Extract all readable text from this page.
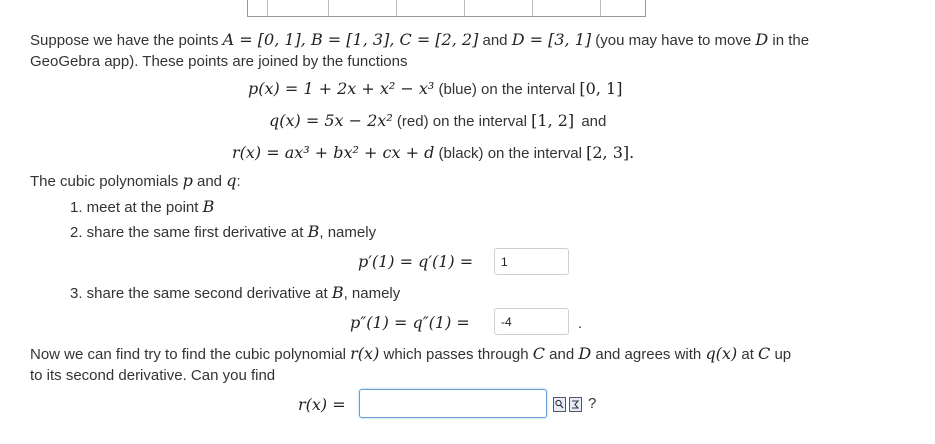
Suppose we have the points A = [0, 1], B = [1, 3], C = [2, 2] and D = [3, 1] (you may have to move D in the
GeoGebra app). These points are joined by the functions
p(x) = 1 + 2x + x² − x³ (blue) on the interval [0, 1]
q(x) = 5x − 2x² (red) on the interval [1, 2] and
r(x) = ax³ + bx² + cx + d (black) on the interval [2, 3].
The cubic polynomials p and q:
1. meet at the point B
2. share the same first derivative at B, namely
p′(1) = q′(1) =
1
3. share the same second derivative at B, namely
p″(1) = q″(1) =
-4	.
Now we can find try to find the cubic polynomial r(x) which passes through C and D and agrees with q(x) at C up
to its second derivative. Can you find
r(x) =	?
